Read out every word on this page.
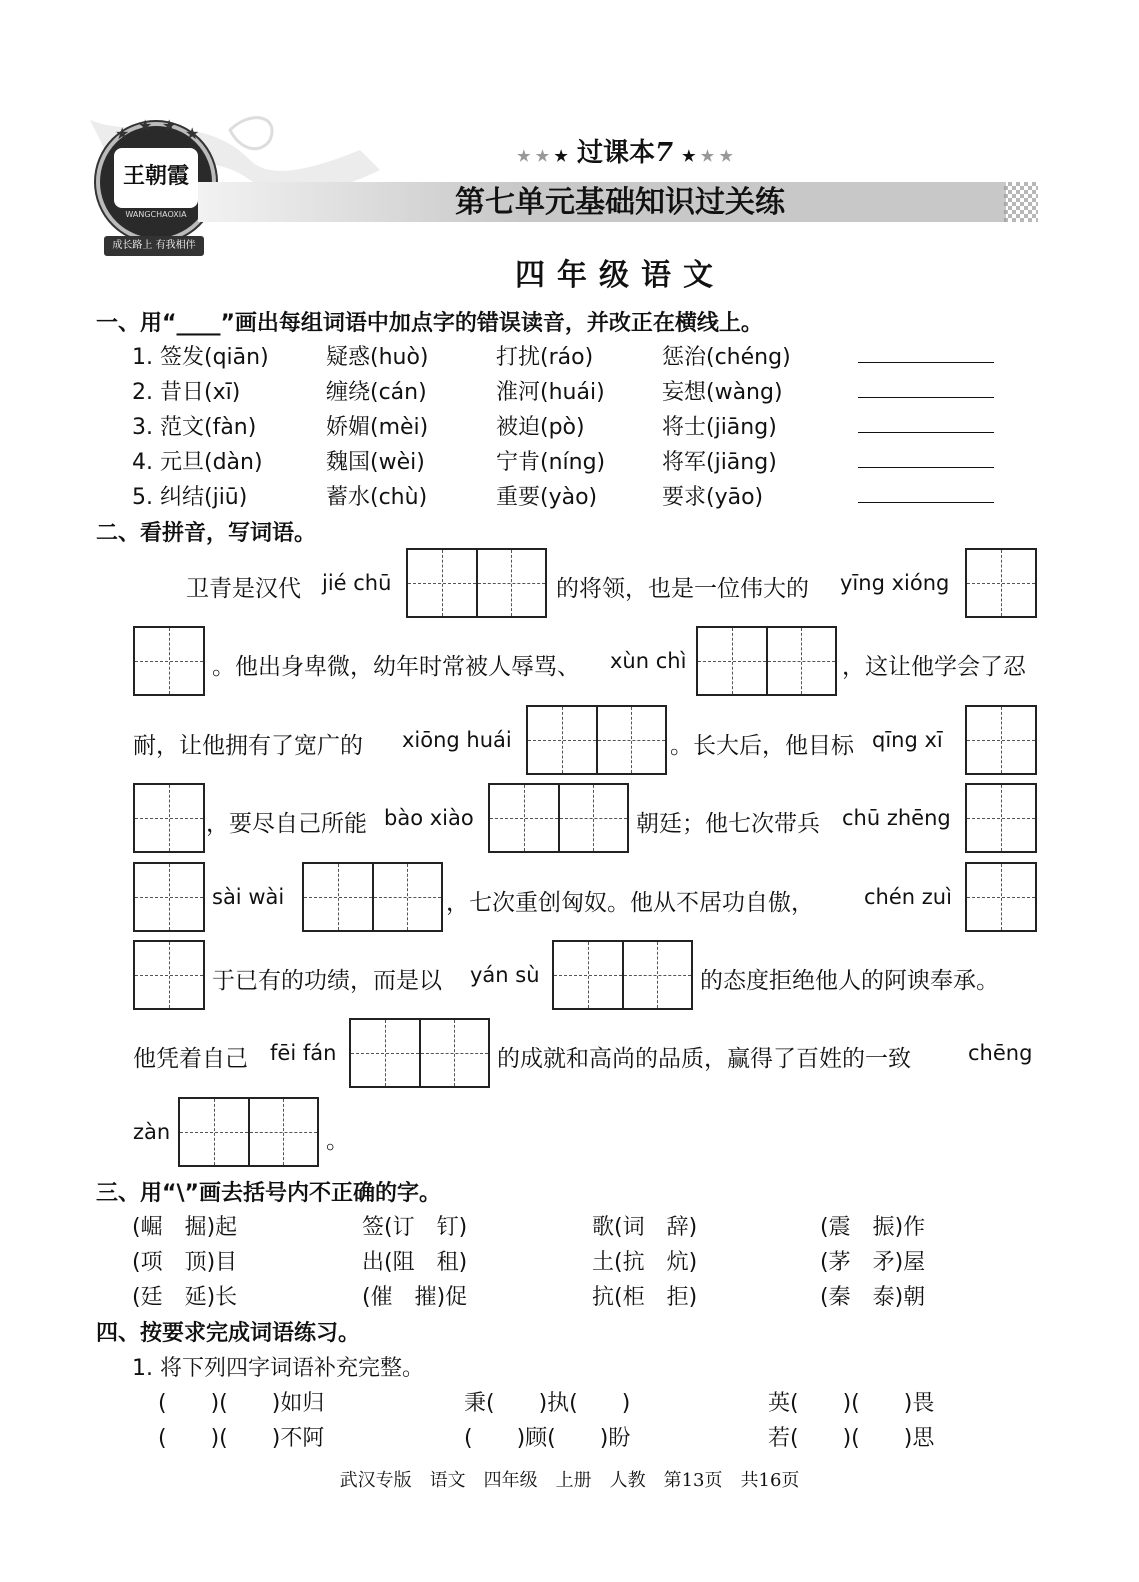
王朝霞
WANGCHAOXIA
★ ★ ★ ★
成长路上 有我相伴
★ ★ ★ 过课本7 ★ ★ ★
第七单元基础知识过关练
四年级语文
一、用“____”画出每组词语中加点字的错误读音，并改正在横线上。
1. 签发(qiān)	疑惑(huò)	打扰(ráo)	惩治(chéng)
2. 昔日(xī)	缠绕(cán)	淮河(huái)	妄想(wàng)
3. 范文(fàn)	娇媚(mèi)	被迫(pò)	将士(jiāng)
4. 元旦(dàn)	魏国(wèi)	宁肯(níng)	将军(jiāng)
5. 纠结(jiū)	蓄水(chù)	重要(yào)	要求(yāo)
二、看拼音，写词语。
卫青是汉代 jié chū	的将领，也是一位伟大的 yīng xióng
。他出身卑微，幼年时常被人辱骂、 xùn chì	，这让他学会了忍
耐，让他拥有了宽广的 xiōng huái	。长大后，他目标 qīng xī
，要尽自己所能 bào xiào	朝廷；他七次带兵 chū zhēng
sài wài	，七次重创匈奴。他从不居功自傲， chén zuì
于已有的功绩，而是以 yán sù	的态度拒绝他人的阿谀奉承。
他凭着自己 fēi fán	的成就和高尚的品质，赢得了百姓的一致	chēng
zàn	。
三、用“\”画去括号内不正确的字。
(崛　掘)起	签(订　钉)	歌(词　辞)	(震　振)作
(项　顶)目	出(阻　租)	土(抗　炕)	(茅　矛)屋
(廷　延)长	(催　摧)促	抗(柜　拒)	(秦　泰)朝
四、按要求完成词语练习。
1. 将下列四字词语补充完整。
(　　)(　　)如归	秉(　　)执(　　)	英(　　)(　　)畏
(　　)(　　)不阿	(　　)顾(　　)盼	若(　　)(　　)思
武汉专版　语文　四年级　上册　人教　第13页　共16页
